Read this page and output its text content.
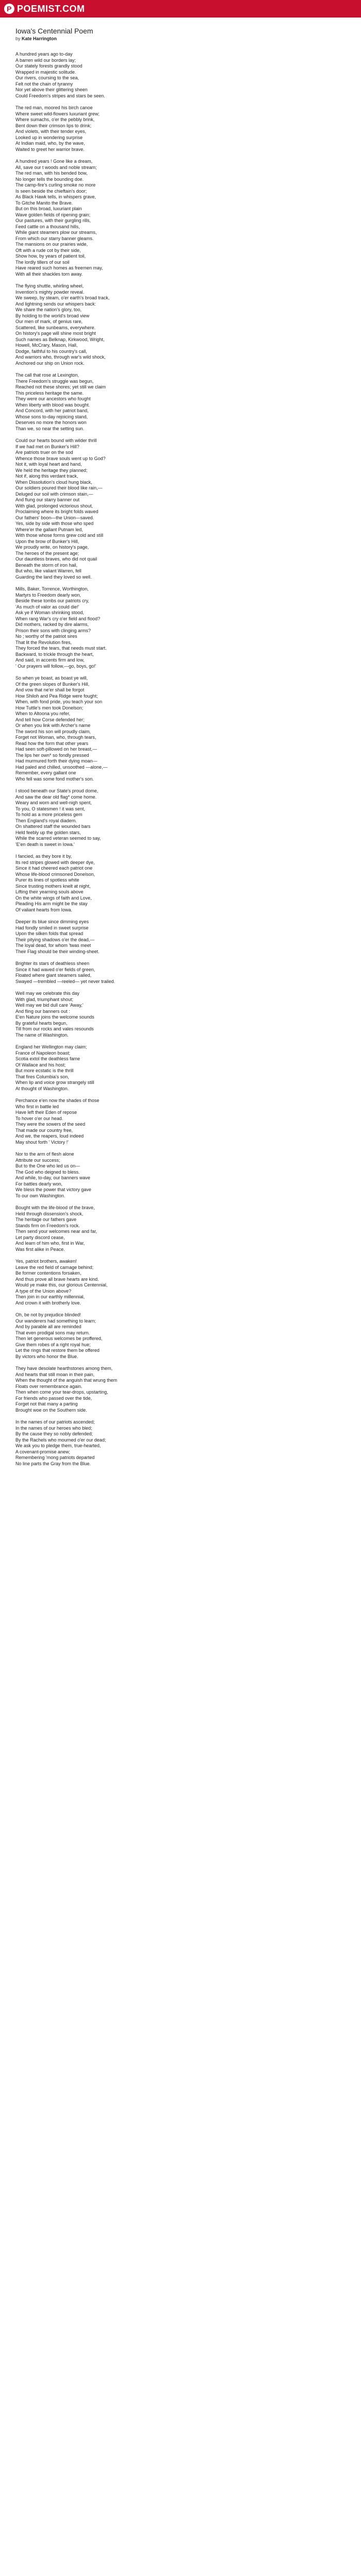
P POEMIST.COM
Iowa's Centennial Poem

by Kate Harrington

A hundred years ago to-day
A barren wild our borders lay;
Our stately forests grandly stood
Wrapped in majestic solitude.
Our rivers, coursing to the sea,
Felt not the chain of tyranny
Nor yet above their glittering sheen
Could Freedom's stripes and stars be seen.

The red man, moored his birch canoe
Where sweet wild-flowers luxuriant grew;
Where sumachs, o'er the pebbly brink,
Bent down their crimson lips to drink;
And violets, with their tender eyes,
Looked up in wondering surprise
At Indian maid, who, by the wave,
Waited to greet her warrior brave.

A hundred years ! Gone like a dream,
All, save our t woods and noble stream;
The red man, with his bended bow,
No longer tells the bounding doe.
The camp-fire's curling smoke no more
Is seen beside the chieftain's door;
As Black Hawk tells, in whispers grave,
To Gitche Manito the Brave.
But on this broad, luxuriant plain
Wave golden fields of ripening grain;
Our pastures, with their gurgling rills,
Feed cattle on a thousand hills,
While giant steamers plow our streams,
From which our starry banner gleams.
The mansions on our prairies wide,
Oft with a rude cot by their side,
Show how, by years of patient toil,
The lordly tillers of our soil
Have reared such homes as freemen may,
With all their shackles torn away.

The flying shuttle, whirling wheel,
Invention's mighty powder reveal.
We sweep, by steam, o'er earth's broad track,
And lightning sends our whispers back:
We share the nation's glory, too,
By holding to the world's broad view
Our men of mark, of genius rare,
Scattered, like sunbeams, everywhere.
On history's page will shine most bright
Such names as Belknap, Kirkwood, Wright,
Howell, McCrary, Mason, Hall,
Dodge, faithful to his country's call,
And warriors who, through war's wild shock,
Anchored our ship on Union rock.

The call that rose at Lexington,
There Freedom's struggle was begun,
Reached not these shores; yet still we claim
This priceless heritage the same.
They were our ancestors who fought
When liberty with blood was bought.
And Concord, with her patriot band,
Whose sons to-day rejoicing stand,
Deserves no more the honors won
Than we, so near the setting sun.

Could our hearts bound with wilder thrill
If we had met on Bunker's Hill?
Are patriots truer on the sod
Whence those brave souls went up to God?
Not it, with loyal heart and hand,
We held the heritage they planned;
Not if, along this verdant track,
When Dissolution's cloud hung black,
Our soldiers poured their blood like rain,—
Deluged our soil with crimson stain,—
And flung our starry banner out
With glad, prolonged victorious shout,
Proclaiming where its bright folds waved
Our fathers' boon—the Union—saved.
Yes, side by side with those who sped
Where'er the gallant Putnam led,
With those whose forms grew cold and still
Upon the brow of Bunker's Hill,
We proudly write, on history's page,
The heroes of the present age;
Our dauntless braves, who did not quail
Beneath the storm of iron hail,
But who, like valiant Warren, fell
Guarding the land they loved so well.

Mills, Baker, Torrence, Worthington,
Martyrs to Freedom dearly won,
Beside these tombs our patriots cry,
'As much of valor as could die!'
Ask ye if Woman shrinking stood,
When rang War's cry o'er field and flood?
Did mothers, racked by dire alarms,
Prison their sons with clinging arms?
No ; worthy of the patriot sires
That lit the Revolution fires,
They forced the tears, that needs must start.
Backward, to trickle through the heart,
And said, in accents firm and low,
' Our prayers will follow,—go, boys, go!'

So when ye boast, as boast ye will,
Of the green slopes of Bunker's Hill,
And vow that ne'er shall be forgot
How Shiloh and Pea Ridge were fought;
When, with fond pride, you teach your son
How Tuttle's men took Donelson;
When to Altoona you refer,
And tell how Corse defended her;
Or when you link with Archer's name
The sword his son will proudly claim,
Forget not Woman, who, through tears,
Read how the form that other years
Had seen soft-pillowed on her breast,—
The lips her own* so fondly pressed
Had murmured forth their dying moan—
Had paled and chilled, unsoothed —alone,—
Remember, every gallant one
Who fell was some fond mother's son.

I stood beneath our State's proud dome,
And saw the dear old flag* come home.
Weary and worn and well-nigh spent,
To you, O statesmen ! it was sent,
To hold as a more priceless gem
Then England's royal diadem.
On shattered staff the wounded bars
Held feebly up the golden stars,
While the scarred veteran seemed to say,
'E'en death is sweet in Iowa.'

I fancied, as they bore it by,
Its red stripes glowed with deeper dye,
Since it had cheered each patriot one
Whose life-blood crimsoned Donelson,
Purer its lines of spotless white
Since trusting mothers knelt at night,
Lifting their yearning souls above
On the white wings of faith and Love,
Pleading His arm might be the stay
Of valiant hearts from Iowa.

Deeper its blue since dimming eyes
Had fondly smiled in sweet surprise
Upon the silken folds that spread
Their pitying shadows o'er the dead,—
The loyal dead, for whom 'twas meet
Their Flag should be their winding-sheet.

Brighter its stars of deathless sheen
Since it had waved o'er fields of green,
Floated where giant steamers sailed,
Swayed —trembled —reeled— yet never trailed.

Well may we celebrate this day
With glad, triumphant shout;
Well may we bid dull care 'Away,'
And fling our banners out :
E'en Nature joins the welcome sounds
By grateful hearts begun,
Till from our rocks and vales resounds
The name of Washington.

England her Wellington may claim;
France of Napoleon boast;
Scotia extol the deathless fame
Of Wallace and his host;
But more ecstatic is the thrill
That fires Columbia's son,
When lip and voice grow strangely still
At thought of Washington.

Perchance e'en now the shades of those
Who first in battle led
Have left their Eden of repose
To hover o'er our head.
They were the sowers of the seed
That made our country free,
And we, the reapers, loud indeed
May shout forth ' Victory !'

Nor to the arm of flesh alone
Attribute our success;
But to the One who led us on—
The God who deigned to bless.
And while, to-day, our banners wave
For battles dearly won,
We bless the power that victory gave
To our own Washington.

Bought with the life-blood of the brave,
Held through dissension's shock,
The heritage our fathers gave
Stands firm on Freedom's rock.
Then send your welcomes near and far,
Let party discord cease,
And learn of him who, first in War,
Was first alike in Peace.

Yes, patriot brothers, awaken!
Leave the red field of carnage behind;
Be former contentions forsaken,
And thus prove all brave hearts are kind.
Would ye make this, our glorious Centennial,
A type of the Union above?
Then join in our earthly millennial,
And crown it with brotherly love.

Oh, be not by prejudice blinded!
Our wanderers had something to learn;
And by parable all are reminded
That even prodigal sons may return.
Then let generous welcomes be proffered,
Give them robes of a right royal hue;
Let the rings that restore them be offered
By victors who honor the Blue.

They have desolate hearthstones among them,
And hearts that still moan in their pain,
When the thought of the anguish that wrung them
Floats over remembrance again.
Then when come your tear-drops, upstarting,
For friends who passed over the tide,
Forget not that many a parting
Brought woe on the Southern side.

In the names of our patriots ascended;
In the names of our heroes who bled;
By the cause they so nobly defended;
By the Rachels who mourned o'er our dead;
We ask you to pledge them, true-hearted,
A covenant-promise anew;
Remembering 'mong patriots departed
No line parts the Gray from the Blue.
